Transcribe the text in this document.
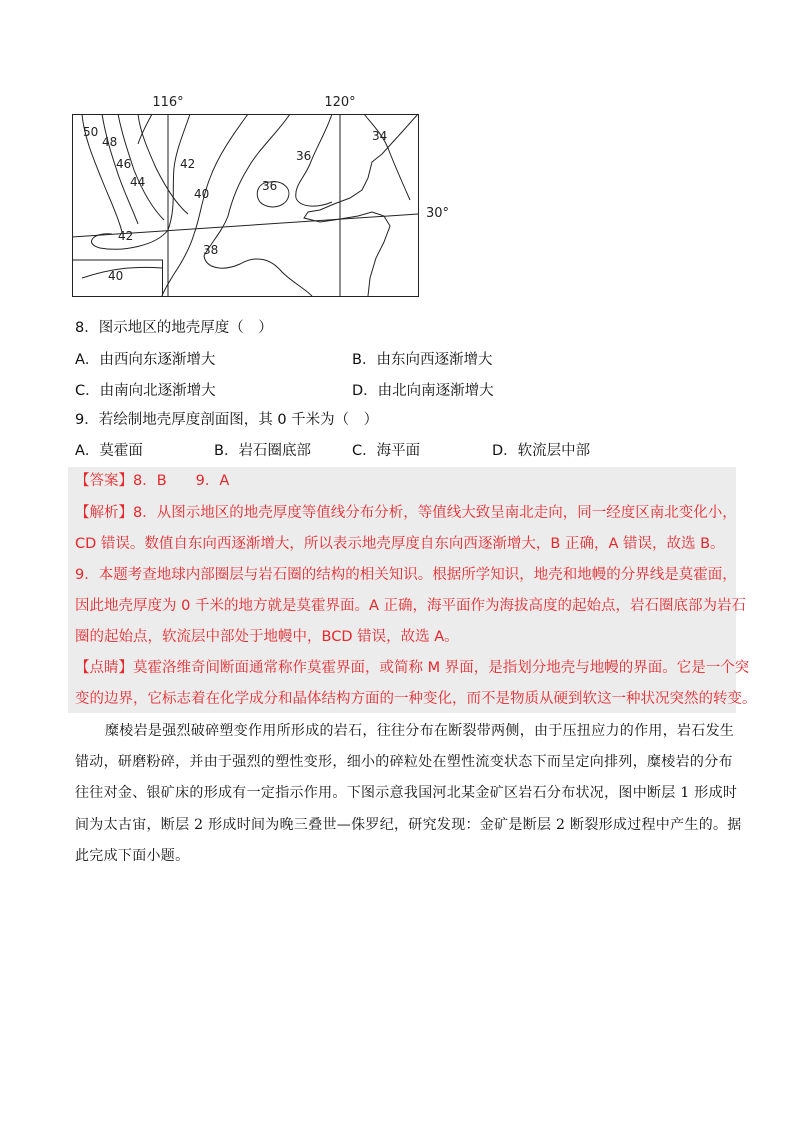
116°	120°
30°
50
48
46
44
42
40
42
38
36
36
34
40
8．图示地区的地壳厚度（　）
A．由西向东逐渐增大	B．由东向西逐渐增大
C．由南向北逐渐增大	D．由北向南逐渐增大
9．若绘制地壳厚度剖面图，其 0 千米为（　）
A．莫霍面	B．岩石圈底部	C．海平面	D．软流层中部
【答案】8．B　　9．A
【解析】8．从图示地区的地壳厚度等值线分布分析，等值线大致呈南北走向，同一经度区南北变化小，
CD 错误。数值自东向西逐渐增大，所以表示地壳厚度自东向西逐渐增大，B 正确，A 错误，故选 B。
9．本题考查地球内部圈层与岩石圈的结构的相关知识。根据所学知识，地壳和地幔的分界线是莫霍面，
因此地壳厚度为 0 千米的地方就是莫霍界面。A 正确，海平面作为海拔高度的起始点，岩石圈底部为岩石
圈的起始点，软流层中部处于地幔中，BCD 错误，故选 A。
【点睛】莫霍洛维奇间断面通常称作莫霍界面，或简称 M 界面，是指划分地壳与地幔的界面。它是一个突
变的边界，它标志着在化学成分和晶体结构方面的一种变化，而不是物质从硬到软这一种状况突然的转变。
糜棱岩是强烈破碎塑变作用所形成的岩石，往往分布在断裂带两侧，由于压扭应力的作用，岩石发生
错动，研磨粉碎，并由于强烈的塑性变形，细小的碎粒处在塑性流变状态下而呈定向排列，糜棱岩的分布
往往对金、银矿床的形成有一定指示作用。下图示意我国河北某金矿区岩石分布状况，图中断层 1 形成时
间为太古宙，断层 2 形成时间为晚三叠世—侏罗纪，研究发现：金矿是断层 2 断裂形成过程中产生的。据
此完成下面小题。
